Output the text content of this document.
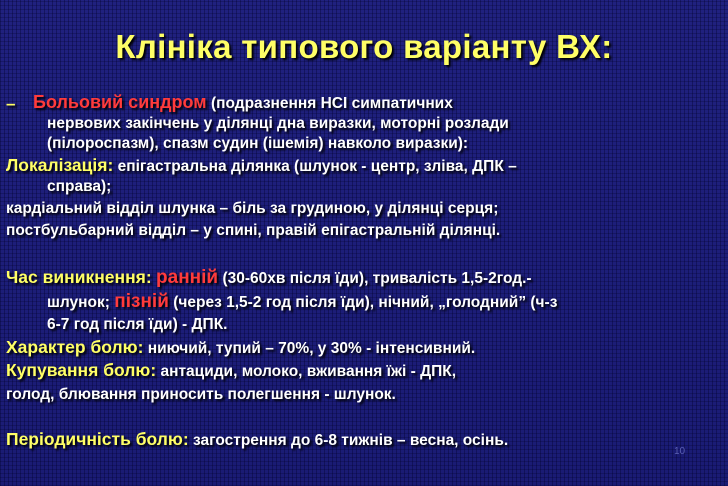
Клініка типового варіанту ВХ:
– Больовий синдром (подразнення НСІ симпатичних
нервових закінчень у ділянці дна виразки, моторні розлади
(пілороспазм), спазм судин (ішемія) навколо виразки):
Локалізація: епігастральна ділянка (шлунок - центр, зліва, ДПК –
справа);
кардіальний відділ шлунка – біль за грудиною, у ділянці серця;
постбульбарний відділ – у спині, правій епігастральній ділянці.
Час виникнення: ранній (30-60хв після їди), тривалість 1,5-2год.-
шлунок; пізній (через 1,5-2 год після їди), нічний, „голодний” (ч-з
6-7 год після їди) - ДПК.
Характер болю: ниючий, тупий – 70%, у 30% - інтенсивний.
Купування болю: антациди, молоко, вживання їжі - ДПК,
голод, блювання приносить полегшення - шлунок.
Періодичність болю: загострення до 6-8 тижнів – весна, осінь.
10
